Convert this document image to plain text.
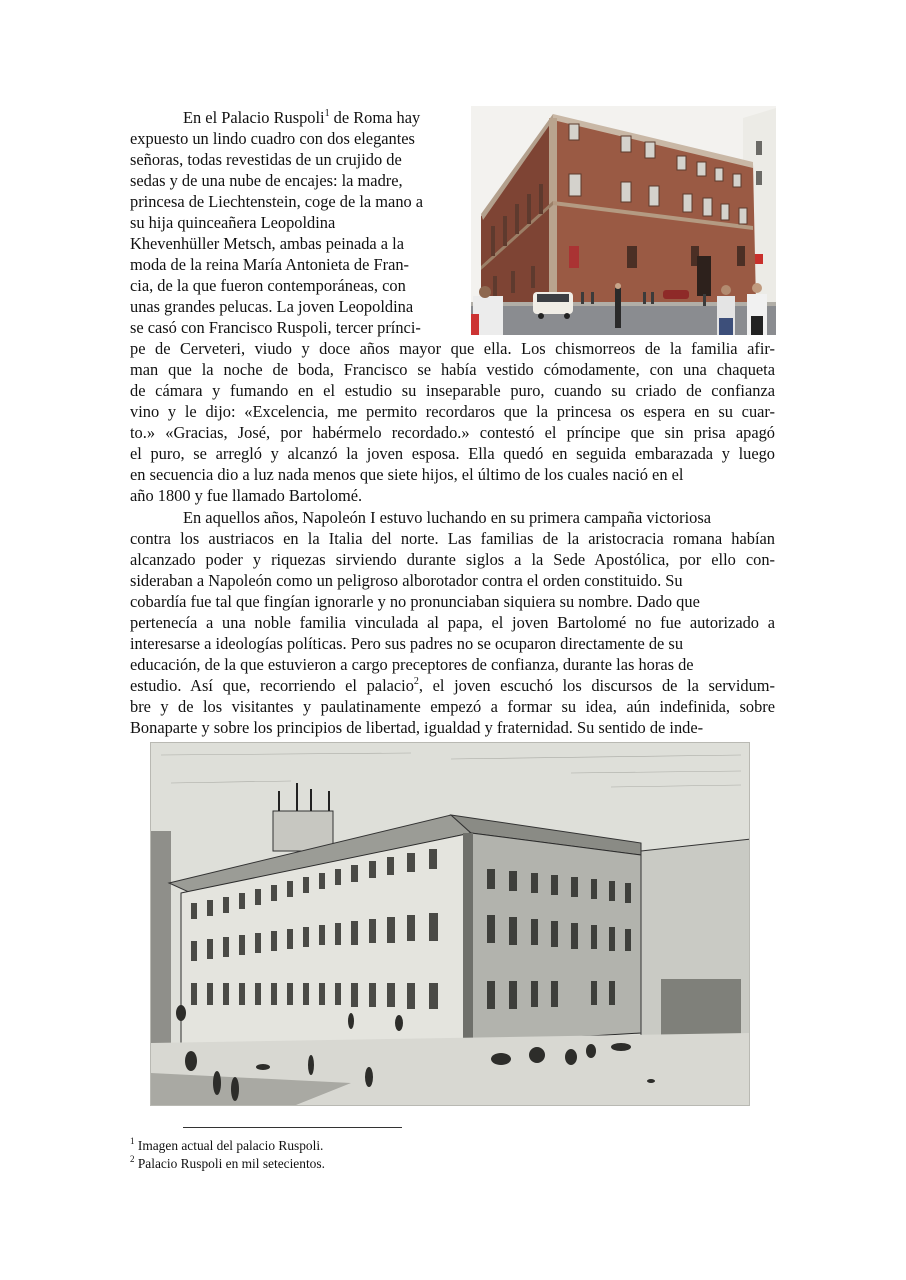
En el Palacio Ruspoli$^1$ de Roma hay
expuesto un lindo cuadro con dos elegantes
señoras, todas revestidas de un crujido de
sedas y de una nube de encajes: la madre,
princesa de Liechtenstein, coge de la mano a
su hija quinceañera Leopoldina
Khevenhüller Metsch, ambas peinada a la
moda de la reina María Antonieta de Fran-
cia, de la que fueron contemporáneas, con
unas grandes pelucas. La joven Leopoldina
se casó con Francisco Ruspoli, tercer prínci-
pe de Cerveteri, viudo y doce años mayor que ella. Los chismorreos de la familia afir-
man que la noche de boda, Francisco se había vestido cómodamente, con una chaqueta
de cámara y fumando en el estudio su inseparable puro, cuando su criado de confianza
vino y le dijo: «Excelencia, me permito recordaros que la princesa os espera en su cuar-
to.» «Gracias, José, por habérmelo recordado.» contestó el príncipe que sin prisa apagó
el puro, se arregló y alcanzó la joven esposa. Ella quedó en seguida embarazada y luego
en secuencia dio a luz nada menos que siete hijos, el último de los cuales nació en el
año 1800 y fue llamado Bartolomé.
En aquellos años, Napoleón I estuvo luchando en su primera campaña victoriosa
contra los austriacos en la Italia del norte. Las familias de la aristocracia romana habían
alcanzado poder y riquezas sirviendo durante siglos a la Sede Apostólica, por ello con-
sideraban a Napoleón como un peligroso alborotador contra el orden constituido. Su
cobardía fue tal que fingían ignorarle y no pronunciaban siquiera su nombre. Dado que
pertenecía a una noble familia vinculada al papa, el joven Bartolomé no fue autorizado a
interesarse a ideologías políticas. Pero sus padres no se ocuparon directamente de su
educación, de la que estuvieron a cargo preceptores de confianza, durante las horas de
estudio. Así que, recorriendo el palacio$^2$, el joven escuchó los discursos de la servidum-
bre y de los visitantes y paulatinamente empezó a formar su idea, aún indefinida, sobre
Bonaparte y sobre los principios de libertad, igualdad y fraternidad. Su sentido de inde-
$^1$ Imagen actual del palacio Ruspoli.
$^2$ Palacio Ruspoli en mil setecientos.
